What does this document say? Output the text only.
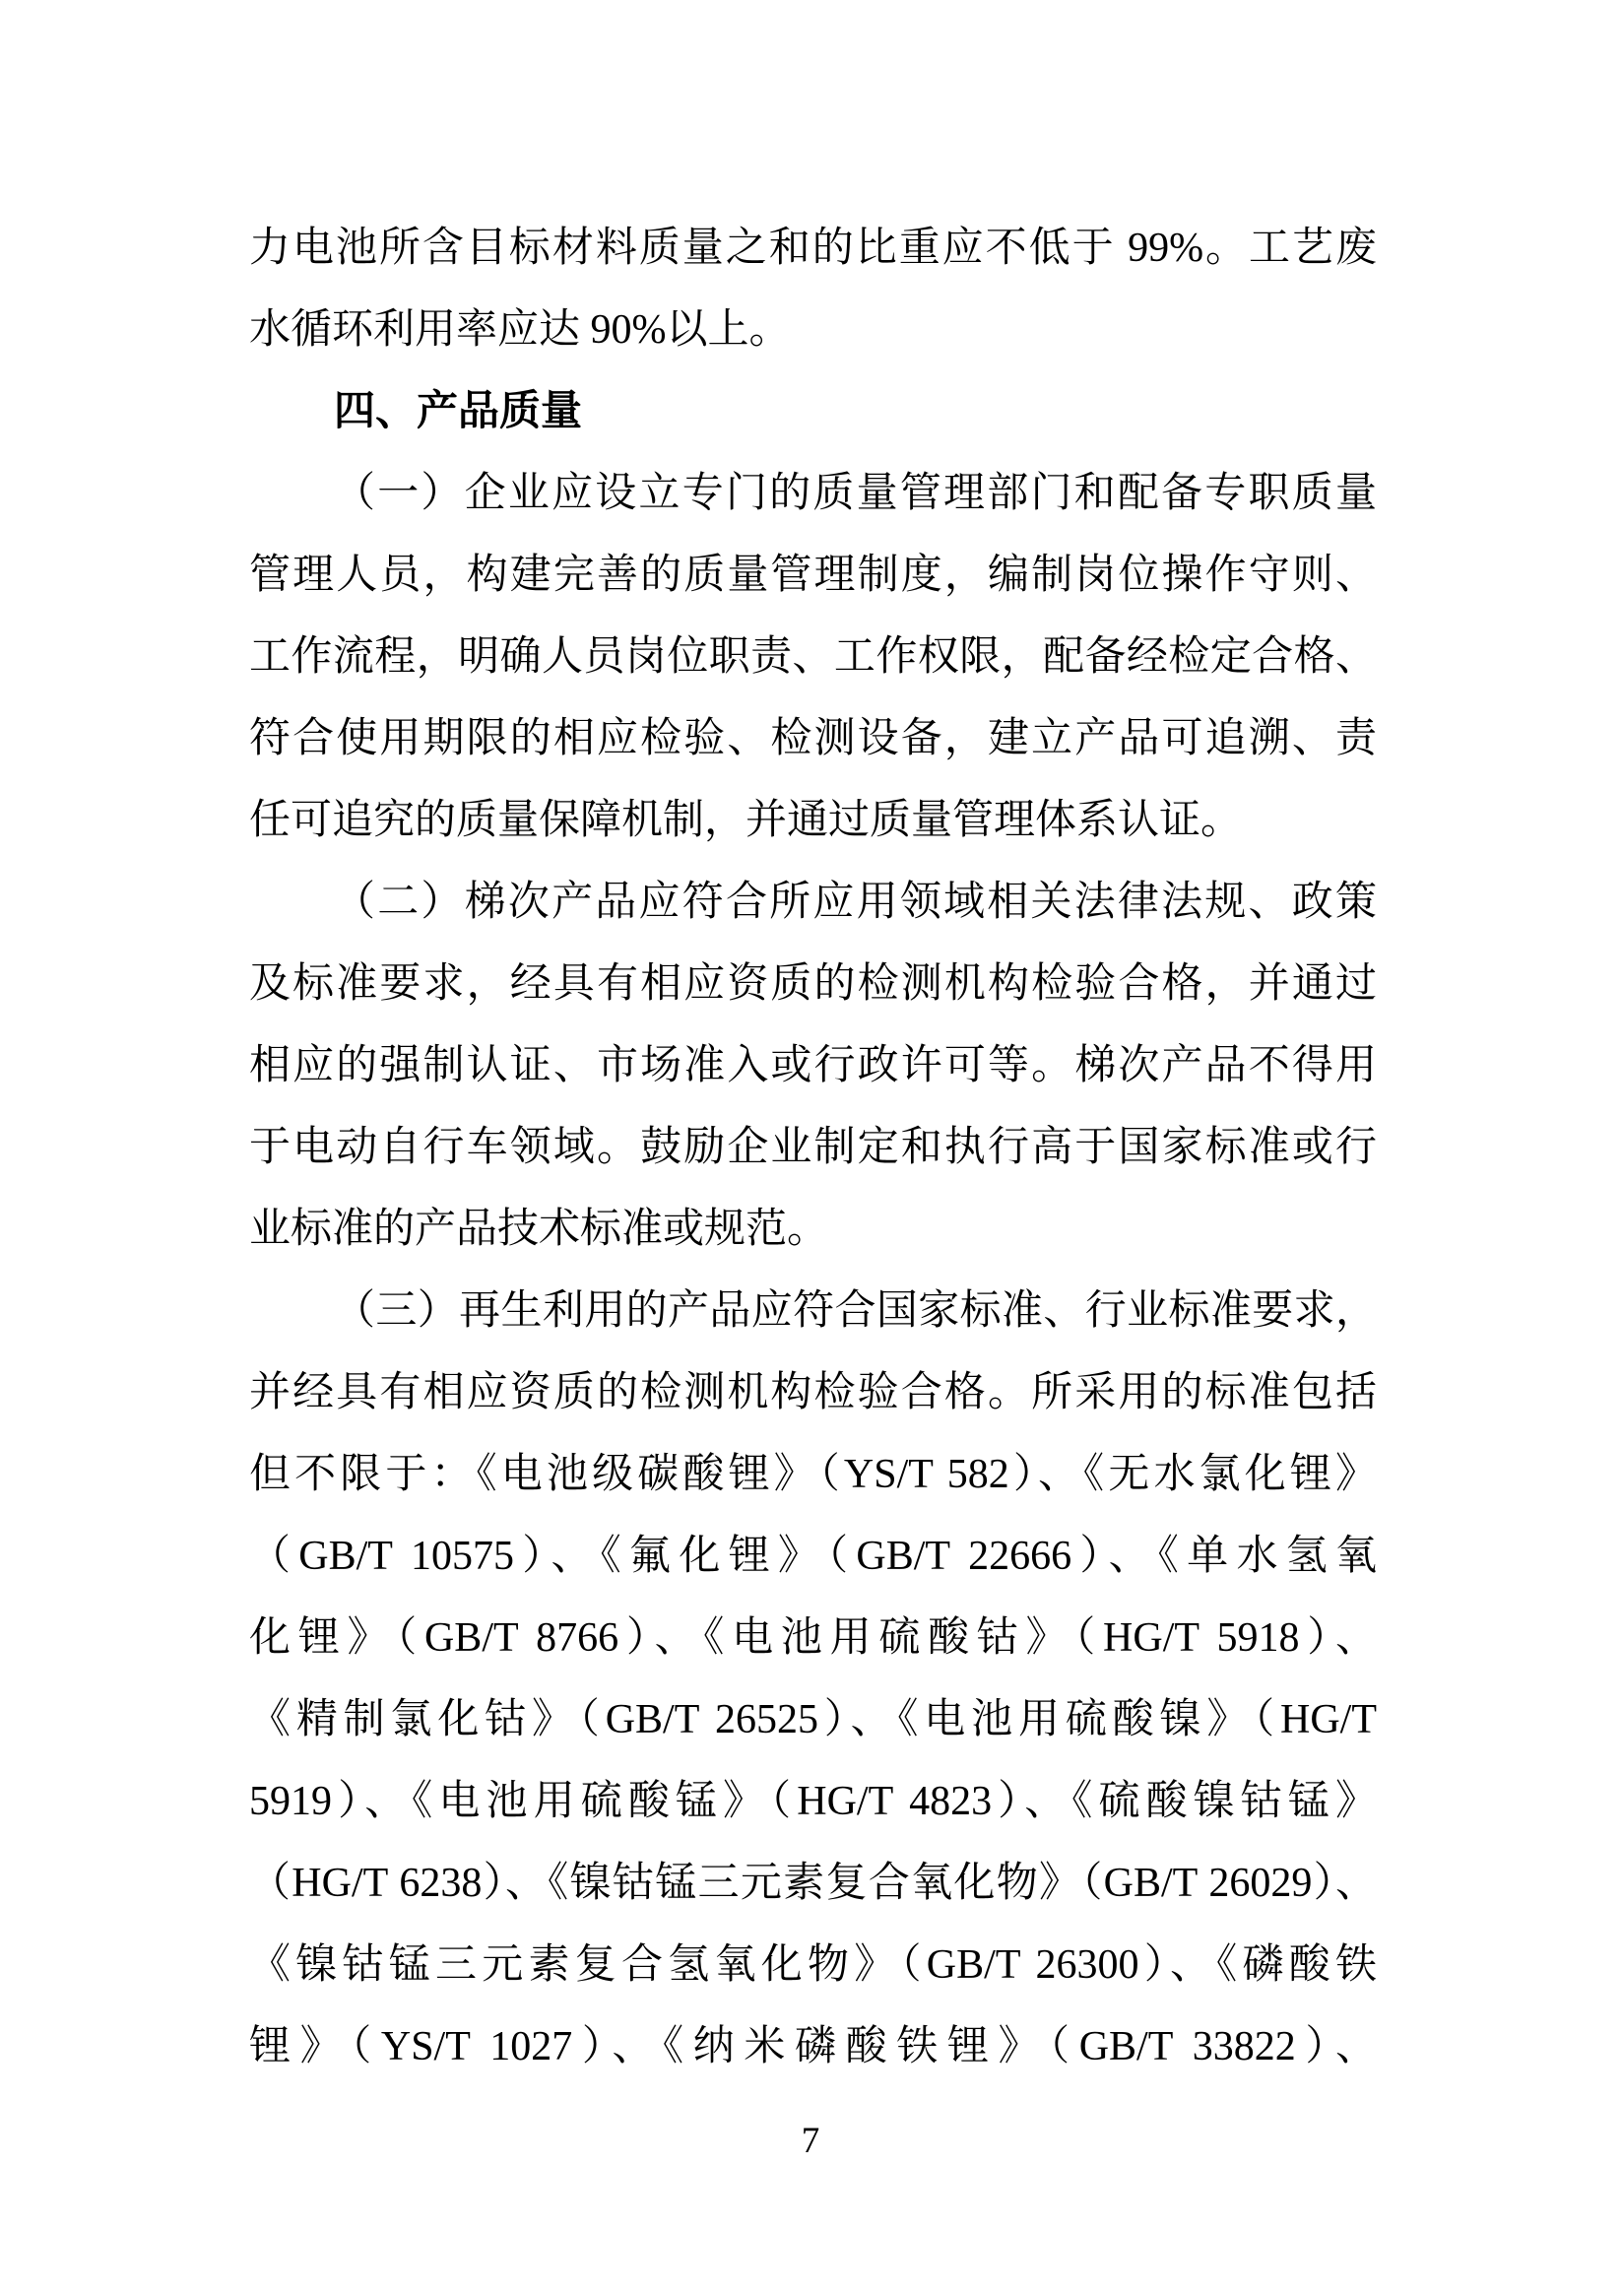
力电池所含目标材料质量之和的比重应不低于 99%。工艺废
水循环利用率应达 90%以上。
四、产品质量
（一）企业应设立专门的质量管理部门和配备专职质量
管理人员，构建完善的质量管理制度，编制岗位操作守则、
工作流程，明确人员岗位职责、工作权限，配备经检定合格、
符合使用期限的相应检验、检测设备，建立产品可追溯、责
任可追究的质量保障机制，并通过质量管理体系认证。
（二）梯次产品应符合所应用领域相关法律法规、政策
及标准要求，经具有相应资质的检测机构检验合格，并通过
相应的强制认证、市场准入或行政许可等。梯次产品不得用
于电动自行车领域。鼓励企业制定和执行高于国家标准或行
业标准的产品技术标准或规范。
（三）再生利用的产品应符合国家标准、行业标准要求，
并经具有相应资质的检测机构检验合格。所采用的标准包括
但不限于：《电池级碳酸锂》（YS/T 582）、《无水氯化锂》
（GB/T 10575）、《氟化锂》（GB/T 22666）、《单水氢氧
化锂》（GB/T 8766）、《电池用硫酸钴》（HG/T 5918）、
《精制氯化钴》（GB/T 26525）、《电池用硫酸镍》（HG/T
5919）、《电池用硫酸锰》（HG/T 4823）、《硫酸镍钴锰》
（HG/T 6238）、《镍钴锰三元素复合氧化物》（GB/T 26029）、
《镍钴锰三元素复合氢氧化物》（GB/T 26300）、《磷酸铁
锂》（YS/T 1027）、《纳米磷酸铁锂》（GB/T 33822）、
7
